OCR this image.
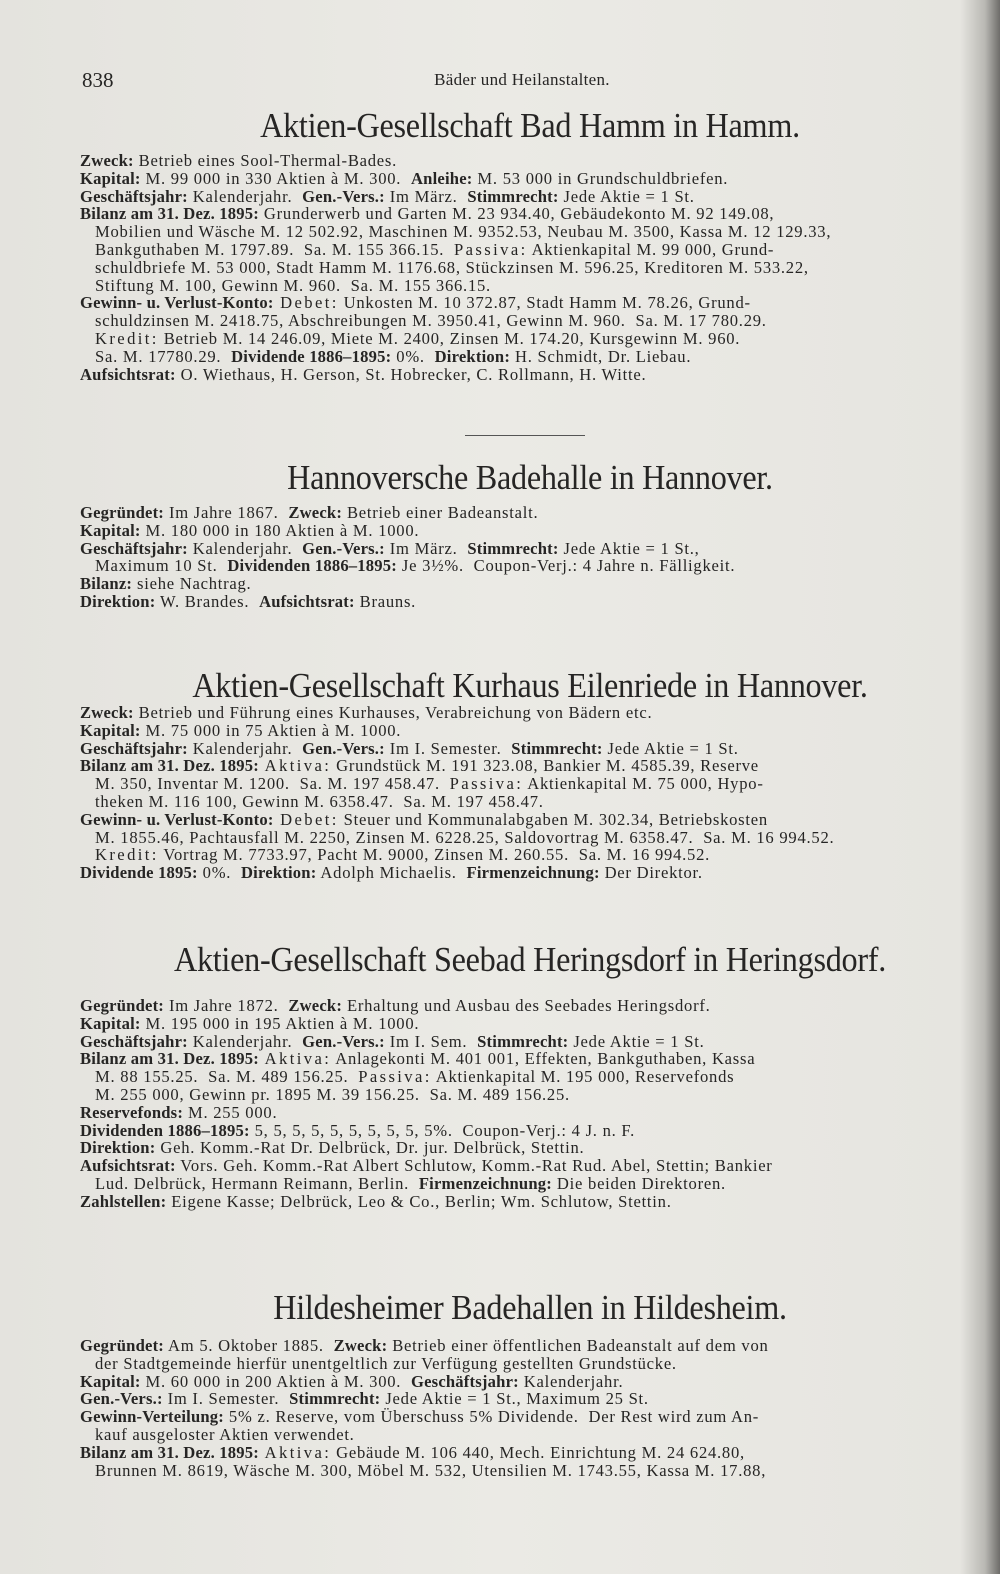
838	Bäder und Heilanstalten.
Aktien-Gesellschaft Bad Hamm in Hamm.
Zweck: Betrieb eines Sool-Thermal-Bades.
Kapital: M. 99 000 in 330 Aktien à M. 300.  Anleihe: M. 53 000 in Grundschuldbriefen.
Geschäftsjahr: Kalenderjahr.  Gen.-Vers.: Im März.  Stimmrecht: Jede Aktie = 1 St.
Bilanz am 31. Dez. 1895: Grunderwerb und Garten M. 23 934.40, Gebäudekonto M. 92 149.08,
Mobilien und Wäsche M. 12 502.92, Maschinen M. 9352.53, Neubau M. 3500, Kassa M. 12 129.33,
Bankguthaben M. 1797.89.  Sa. M. 155 366.15.  Passiva: Aktienkapital M. 99 000, Grund-
schuldbriefe M. 53 000, Stadt Hamm M. 1176.68, Stückzinsen M. 596.25, Kreditoren M. 533.22,
Stiftung M. 100, Gewinn M. 960.  Sa. M. 155 366.15.
Gewinn- u. Verlust-Konto: Debet: Unkosten M. 10 372.87, Stadt Hamm M. 78.26, Grund-
schuldzinsen M. 2418.75, Abschreibungen M. 3950.41, Gewinn M. 960.  Sa. M. 17 780.29.
Kredit: Betrieb M. 14 246.09, Miete M. 2400, Zinsen M. 174.20, Kursgewinn M. 960.
Sa. M. 17780.29.  Dividende 1886–1895: 0%.  Direktion: H. Schmidt, Dr. Liebau.
Aufsichtsrat: O. Wiethaus, H. Gerson, St. Hobrecker, C. Rollmann, H. Witte.
Hannoversche Badehalle in Hannover.
Gegründet: Im Jahre 1867.  Zweck: Betrieb einer Badeanstalt.
Kapital: M. 180 000 in 180 Aktien à M. 1000.
Geschäftsjahr: Kalenderjahr.  Gen.-Vers.: Im März.  Stimmrecht: Jede Aktie = 1 St.,
Maximum 10 St.  Dividenden 1886–1895: Je 3½%.  Coupon-Verj.: 4 Jahre n. Fälligkeit.
Bilanz: siehe Nachtrag.
Direktion: W. Brandes.  Aufsichtsrat: Brauns.
Aktien-Gesellschaft Kurhaus Eilenriede in Hannover.
Zweck: Betrieb und Führung eines Kurhauses, Verabreichung von Bädern etc.
Kapital: M. 75 000 in 75 Aktien à M. 1000.
Geschäftsjahr: Kalenderjahr.  Gen.-Vers.: Im I. Semester.  Stimmrecht: Jede Aktie = 1 St.
Bilanz am 31. Dez. 1895: Aktiva: Grundstück M. 191 323.08, Bankier M. 4585.39, Reserve
M. 350, Inventar M. 1200.  Sa. M. 197 458.47.  Passiva: Aktienkapital M. 75 000, Hypo-
theken M. 116 100, Gewinn M. 6358.47.  Sa. M. 197 458.47.
Gewinn- u. Verlust-Konto: Debet: Steuer und Kommunalabgaben M. 302.34, Betriebskosten
M. 1855.46, Pachtausfall M. 2250, Zinsen M. 6228.25, Saldovortrag M. 6358.47.  Sa. M. 16 994.52.
Kredit: Vortrag M. 7733.97, Pacht M. 9000, Zinsen M. 260.55.  Sa. M. 16 994.52.
Dividende 1895: 0%.  Direktion: Adolph Michaelis.  Firmenzeichnung: Der Direktor.
Aktien-Gesellschaft Seebad Heringsdorf in Heringsdorf.
Gegründet: Im Jahre 1872.  Zweck: Erhaltung und Ausbau des Seebades Heringsdorf.
Kapital: M. 195 000 in 195 Aktien à M. 1000.
Geschäftsjahr: Kalenderjahr.  Gen.-Vers.: Im I. Sem.  Stimmrecht: Jede Aktie = 1 St.
Bilanz am 31. Dez. 1895: Aktiva: Anlagekonti M. 401 001, Effekten, Bankguthaben, Kassa
M. 88 155.25.  Sa. M. 489 156.25.  Passiva: Aktienkapital M. 195 000, Reservefonds
M. 255 000, Gewinn pr. 1895 M. 39 156.25.  Sa. M. 489 156.25.
Reservefonds: M. 255 000.
Dividenden 1886–1895: 5, 5, 5, 5, 5, 5, 5, 5, 5, 5%.  Coupon-Verj.: 4 J. n. F.
Direktion: Geh. Komm.-Rat Dr. Delbrück, Dr. jur. Delbrück, Stettin.
Aufsichtsrat: Vors. Geh. Komm.-Rat Albert Schlutow, Komm.-Rat Rud. Abel, Stettin; Bankier
Lud. Delbrück, Hermann Reimann, Berlin.  Firmenzeichnung: Die beiden Direktoren.
Zahlstellen: Eigene Kasse; Delbrück, Leo & Co., Berlin; Wm. Schlutow, Stettin.
Hildesheimer Badehallen in Hildesheim.
Gegründet: Am 5. Oktober 1885.  Zweck: Betrieb einer öffentlichen Badeanstalt auf dem von
der Stadtgemeinde hierfür unentgeltlich zur Verfügung gestellten Grundstücke.
Kapital: M. 60 000 in 200 Aktien à M. 300.  Geschäftsjahr: Kalenderjahr.
Gen.-Vers.: Im I. Semester.  Stimmrecht: Jede Aktie = 1 St., Maximum 25 St.
Gewinn-Verteilung: 5% z. Reserve, vom Überschuss 5% Dividende.  Der Rest wird zum An-
kauf ausgeloster Aktien verwendet.
Bilanz am 31. Dez. 1895: Aktiva: Gebäude M. 106 440, Mech. Einrichtung M. 24 624.80,
Brunnen M. 8619, Wäsche M. 300, Möbel M. 532, Utensilien M. 1743.55, Kassa M. 17.88,
